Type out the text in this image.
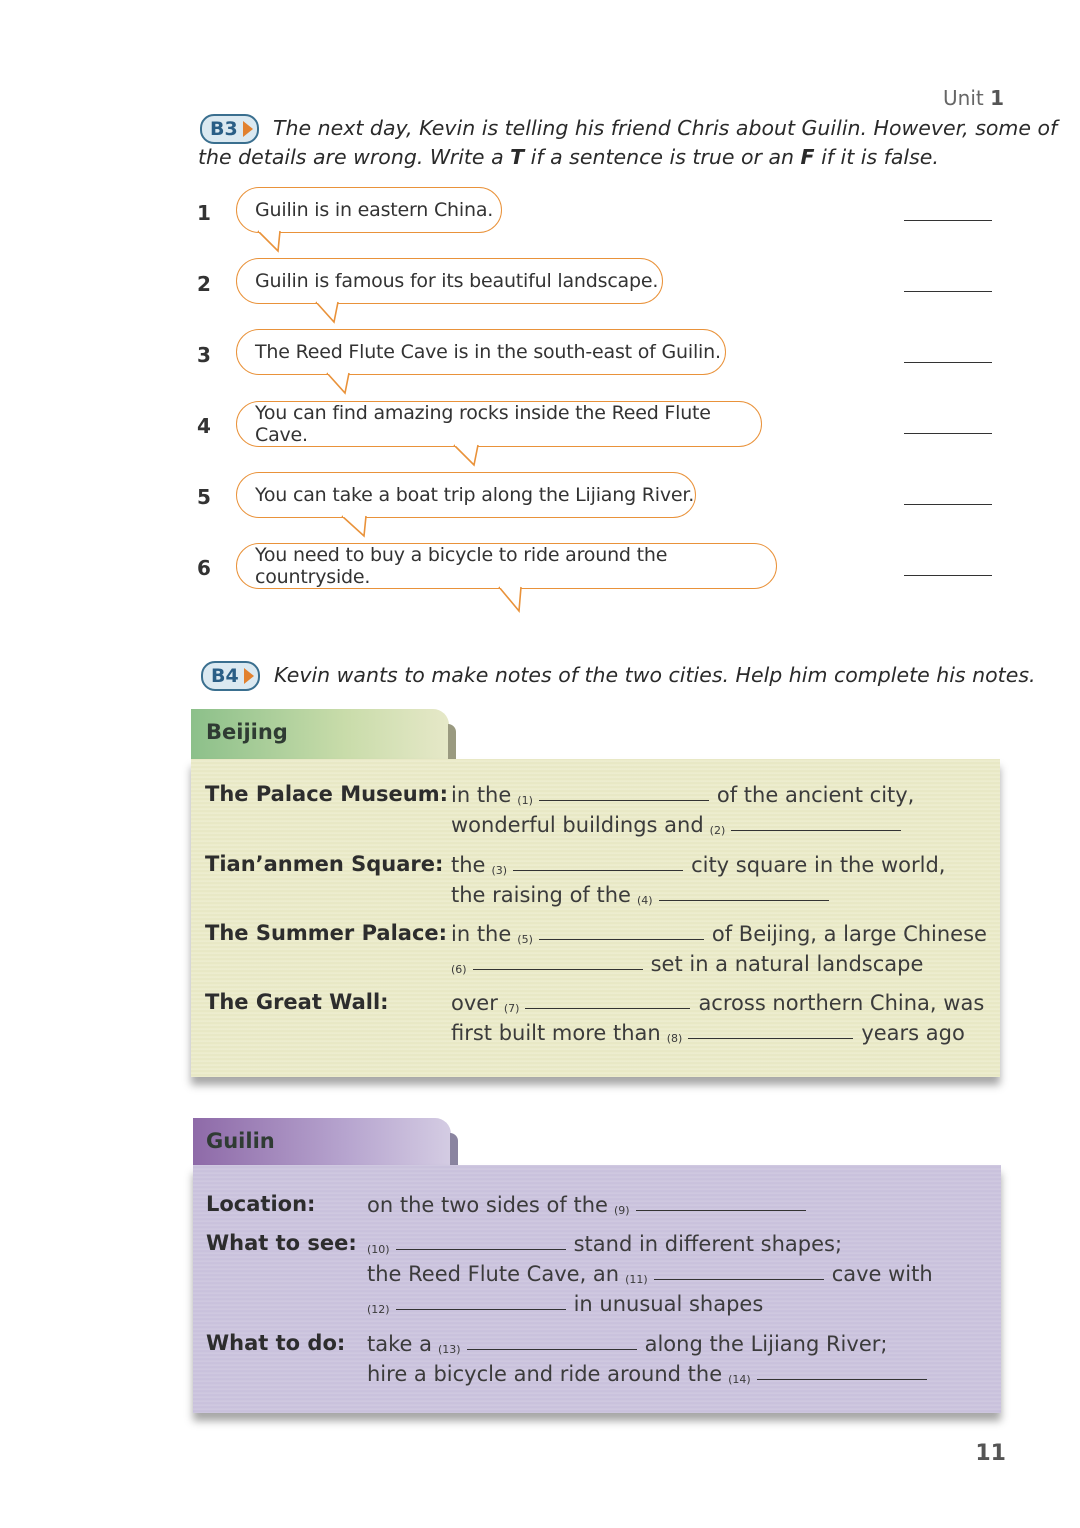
Unit 1
B3 The next day, Kevin is telling his friend Chris about Guilin. However, some of
the details are wrong. Write a T if a sentence is true or an F if it is false.
1	Guilin is in eastern China.
2	Guilin is famous for its beautiful landscape.
3	The Reed Flute Cave is in the south-east of Guilin.
4
You can find amazing rocks inside the Reed Flute Cave.
5	You can take a boat trip along the Lijiang River.
6
You need to buy a bicycle to ride around the countryside.
B4 Kevin wants to make notes of the two cities. Help him complete his notes.
Beijing
The Palace Museum: in the (1)	of the ancient city,
wonderful buildings and (2)
Tian’anmen Square: the (3)	city square in the world,
the raising of the (4)
The Summer Palace: in the (5)	of Beijing, a large Chinese
(6)	set in a natural landscape
The Great Wall:	over (7)	across northern China, was
first built more than (8)	years ago
Guilin
Location: on the two sides of the (9)
What to see: (10)	stand in different shapes;
the Reed Flute Cave, an (11)	cave with
(12)	in unusual shapes
What to do: take a (13)	along the Lijiang River;
hire a bicycle and ride around the (14)
11
